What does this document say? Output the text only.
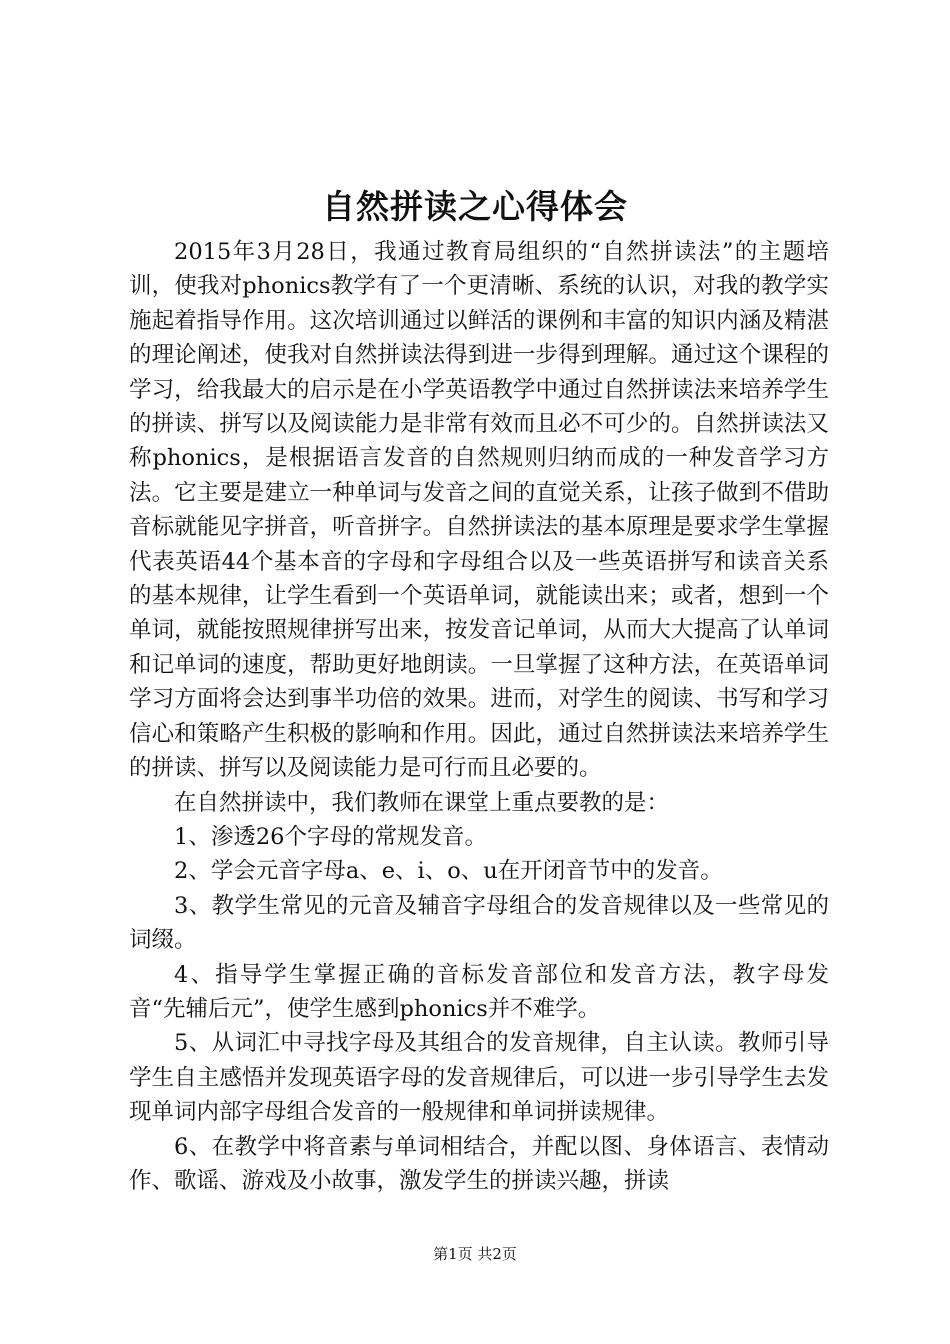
自然拼读之心得体会

2015年3月28日，我通过教育局组织的“自然拼读法”的主题培训，使我对phonics教学有了一个更清晰、系统的认识，对我的教学实施起着指导作用。这次培训通过以鲜活的课例和丰富的知识内涵及精湛的理论阐述，使我对自然拼读法得到进一步得到理解。通过这个课程的学习，给我最大的启示是在小学英语教学中通过自然拼读法来培养学生的拼读、拼写以及阅读能力是非常有效而且必不可少的。自然拼读法又称phonics，是根据语言发音的自然规则归纳而成的一种发音学习方法。它主要是建立一种单词与发音之间的直觉关系，让孩子做到不借助音标就能见字拼音，听音拼字。自然拼读法的基本原理是要求学生掌握代表英语44个基本音的字母和字母组合以及一些英语拼写和读音关系的基本规律，让学生看到一个英语单词，就能读出来；或者，想到一个单词，就能按照规律拼写出来，按发音记单词，从而大大提高了认单词和记单词的速度，帮助更好地朗读。一旦掌握了这种方法，在英语单词学习方面将会达到事半功倍的效果。进而，对学生的阅读、书写和学习信心和策略产生积极的影响和作用。因此，通过自然拼读法来培养学生的拼读、拼写以及阅读能力是可行而且必要的。

在自然拼读中，我们教师在课堂上重点要教的是：

1、渗透26个字母的常规发音。

2、学会元音字母a、e、i、o、u在开闭音节中的发音。

3、教学生常见的元音及辅音字母组合的发音规律以及一些常见的词缀。

4、指导学生掌握正确的音标发音部位和发音方法，教字母发音“先辅后元”，使学生感到phonics并不难学。

5、从词汇中寻找字母及其组合的发音规律，自主认读。教师引导学生自主感悟并发现英语字母的发音规律后，可以进一步引导学生去发现单词内部字母组合发音的一般规律和单词拼读规律。

6、在教学中将音素与单词相结合，并配以图、身体语言、表情动作、歌谣、游戏及小故事，激发学生的拼读兴趣，拼读

第1页 共2页
